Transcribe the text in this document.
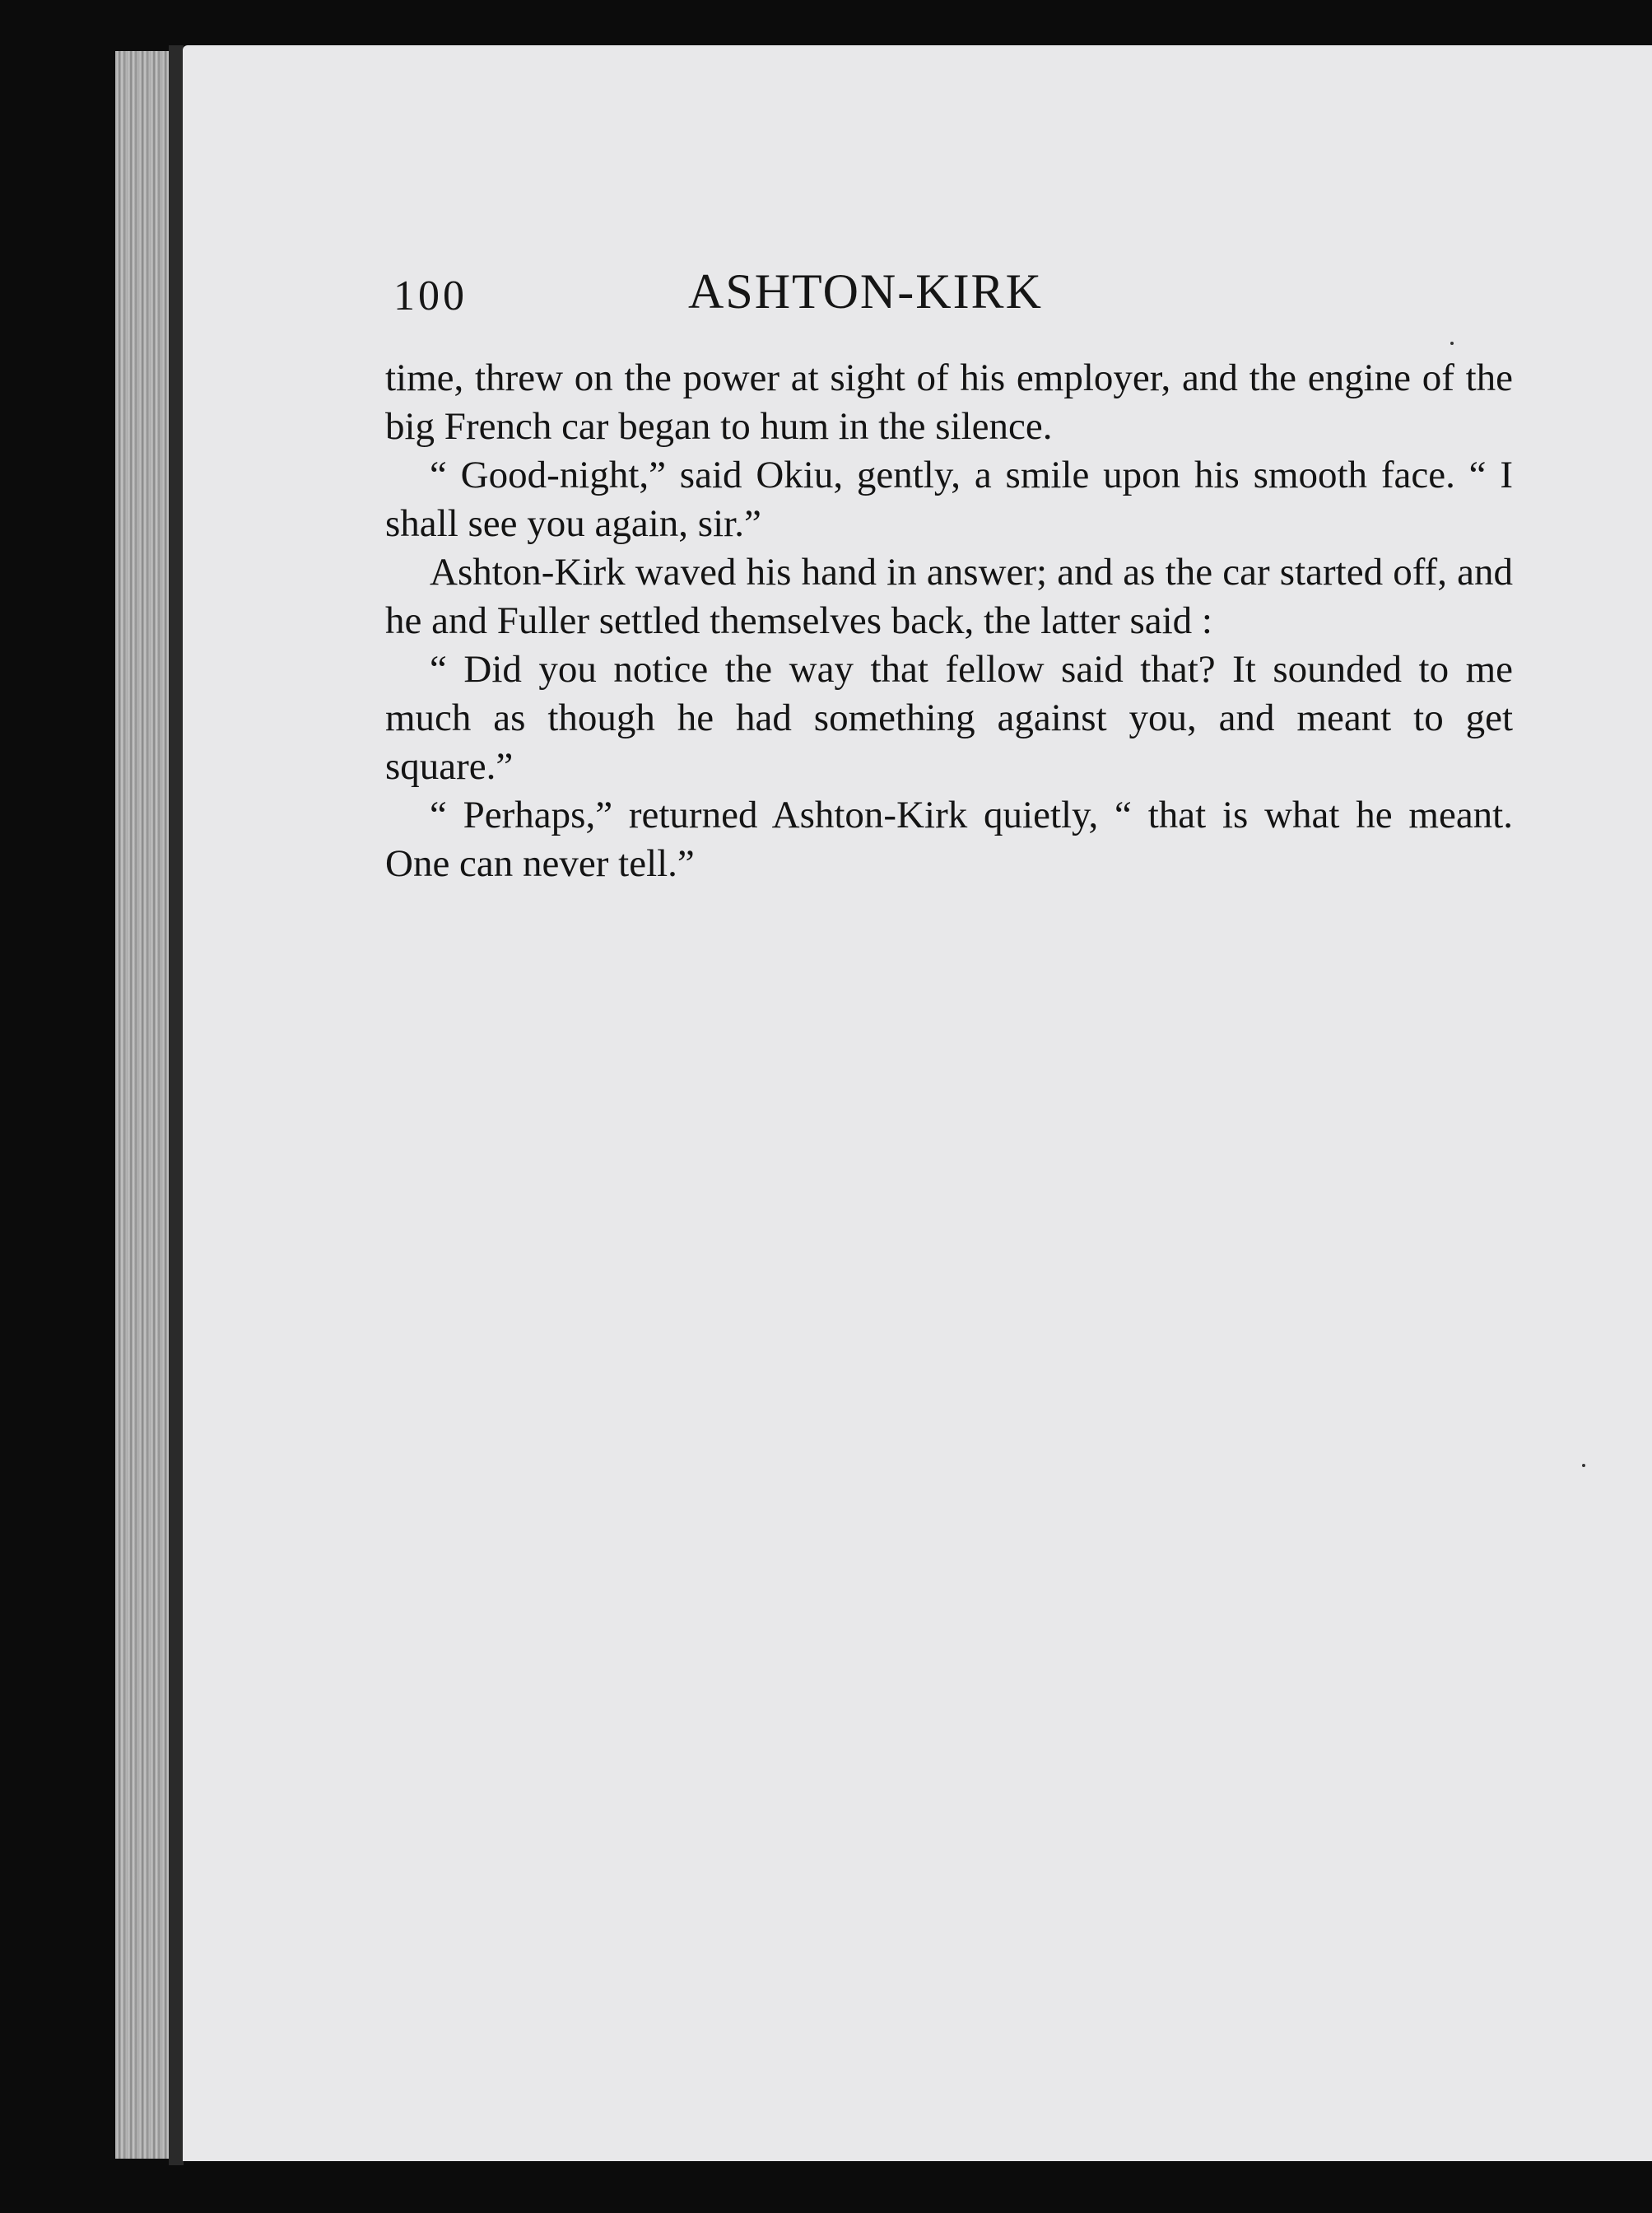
100	ASHTON-KIRK

time, threw on the power at sight of his employer, and the engine of the big French car began to hum in the silence.

“ Good-night,” said Okiu, gently, a smile upon his smooth face. “ I shall see you again, sir.”

Ashton-Kirk waved his hand in answer; and as the car started off, and he and Fuller settled themselves back, the latter said :

“ Did you notice the way that fellow said that? It sounded to me much as though he had something against you, and meant to get square.”

“ Perhaps,” returned Ashton-Kirk quietly, “ that is what he meant. One can never tell.”
